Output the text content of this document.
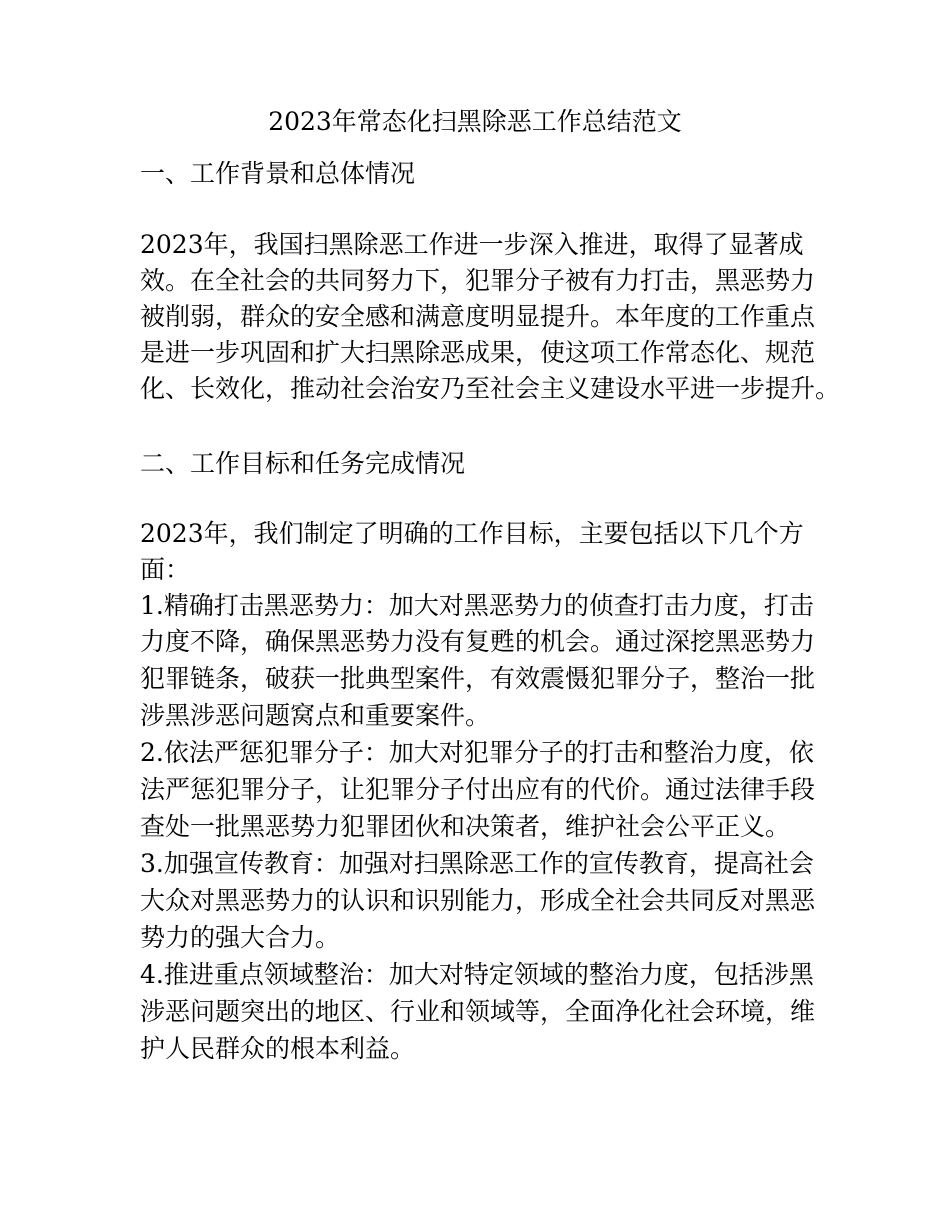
2023年常态化扫黑除恶工作总结范文
一、工作背景和总体情况
2023年，我国扫黑除恶工作进一步深入推进，取得了显著成
效。在全社会的共同努力下，犯罪分子被有力打击，黑恶势力
被削弱，群众的安全感和满意度明显提升。本年度的工作重点
是进一步巩固和扩大扫黑除恶成果，使这项工作常态化、规范
化、长效化，推动社会治安乃至社会主义建设水平进一步提升。
二、工作目标和任务完成情况
2023年，我们制定了明确的工作目标，主要包括以下几个方
面：
1.精确打击黑恶势力：加大对黑恶势力的侦查打击力度，打击
力度不降，确保黑恶势力没有复甦的机会。通过深挖黑恶势力
犯罪链条，破获一批典型案件，有效震慑犯罪分子，整治一批
涉黑涉恶问题窝点和重要案件。
2.依法严惩犯罪分子：加大对犯罪分子的打击和整治力度，依
法严惩犯罪分子，让犯罪分子付出应有的代价。通过法律手段
查处一批黑恶势力犯罪团伙和决策者，维护社会公平正义。
3.加强宣传教育：加强对扫黑除恶工作的宣传教育，提高社会
大众对黑恶势力的认识和识别能力，形成全社会共同反对黑恶
势力的强大合力。
4.推进重点领域整治：加大对特定领域的整治力度，包括涉黑
涉恶问题突出的地区、行业和领域等，全面净化社会环境，维
护人民群众的根本利益。
